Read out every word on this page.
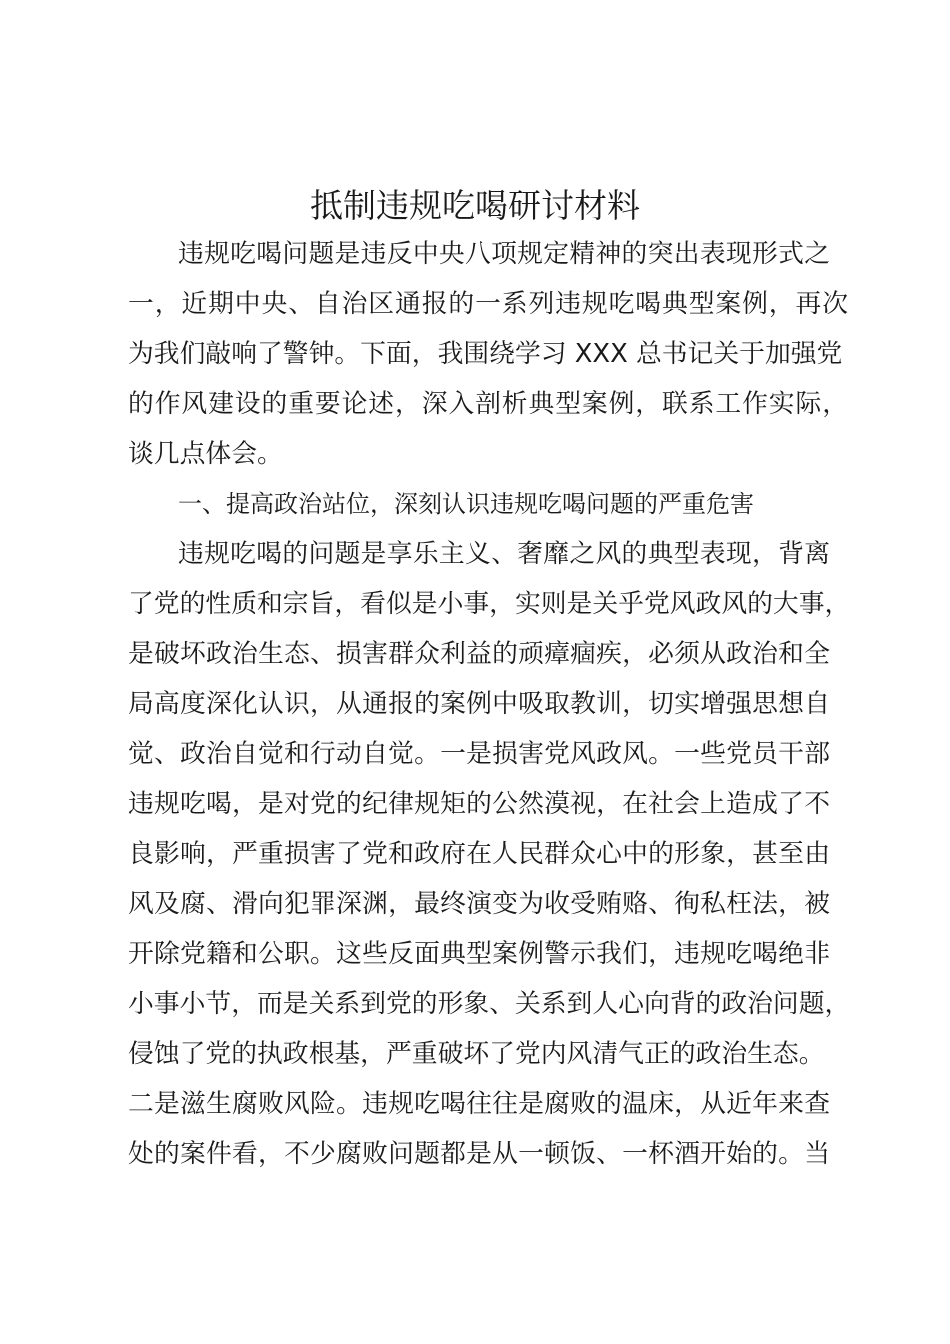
抵制违规吃喝研讨材料
违规吃喝问题是违反中央八项规定精神的突出表现形式之
一，近期中央、自治区通报的一系列违规吃喝典型案例，再次
为我们敲响了警钟。下面，我围绕学习 XXX 总书记关于加强党
的作风建设的重要论述，深入剖析典型案例，联系工作实际，
谈几点体会。
一、提高政治站位，深刻认识违规吃喝问题的严重危害
违规吃喝的问题是享乐主义、奢靡之风的典型表现，背离
了党的性质和宗旨，看似是小事，实则是关乎党风政风的大事，
是破坏政治生态、损害群众利益的顽瘴痼疾，必须从政治和全
局高度深化认识，从通报的案例中吸取教训，切实增强思想自
觉、政治自觉和行动自觉。一是损害党风政风。一些党员干部
违规吃喝，是对党的纪律规矩的公然漠视，在社会上造成了不
良影响，严重损害了党和政府在人民群众心中的形象，甚至由
风及腐、滑向犯罪深渊，最终演变为收受贿赂、徇私枉法，被
开除党籍和公职。这些反面典型案例警示我们，违规吃喝绝非
小事小节，而是关系到党的形象、关系到人心向背的政治问题，
侵蚀了党的执政根基，严重破坏了党内风清气正的政治生态。
二是滋生腐败风险。违规吃喝往往是腐败的温床，从近年来查
处的案件看，不少腐败问题都是从一顿饭、一杯酒开始的。当
